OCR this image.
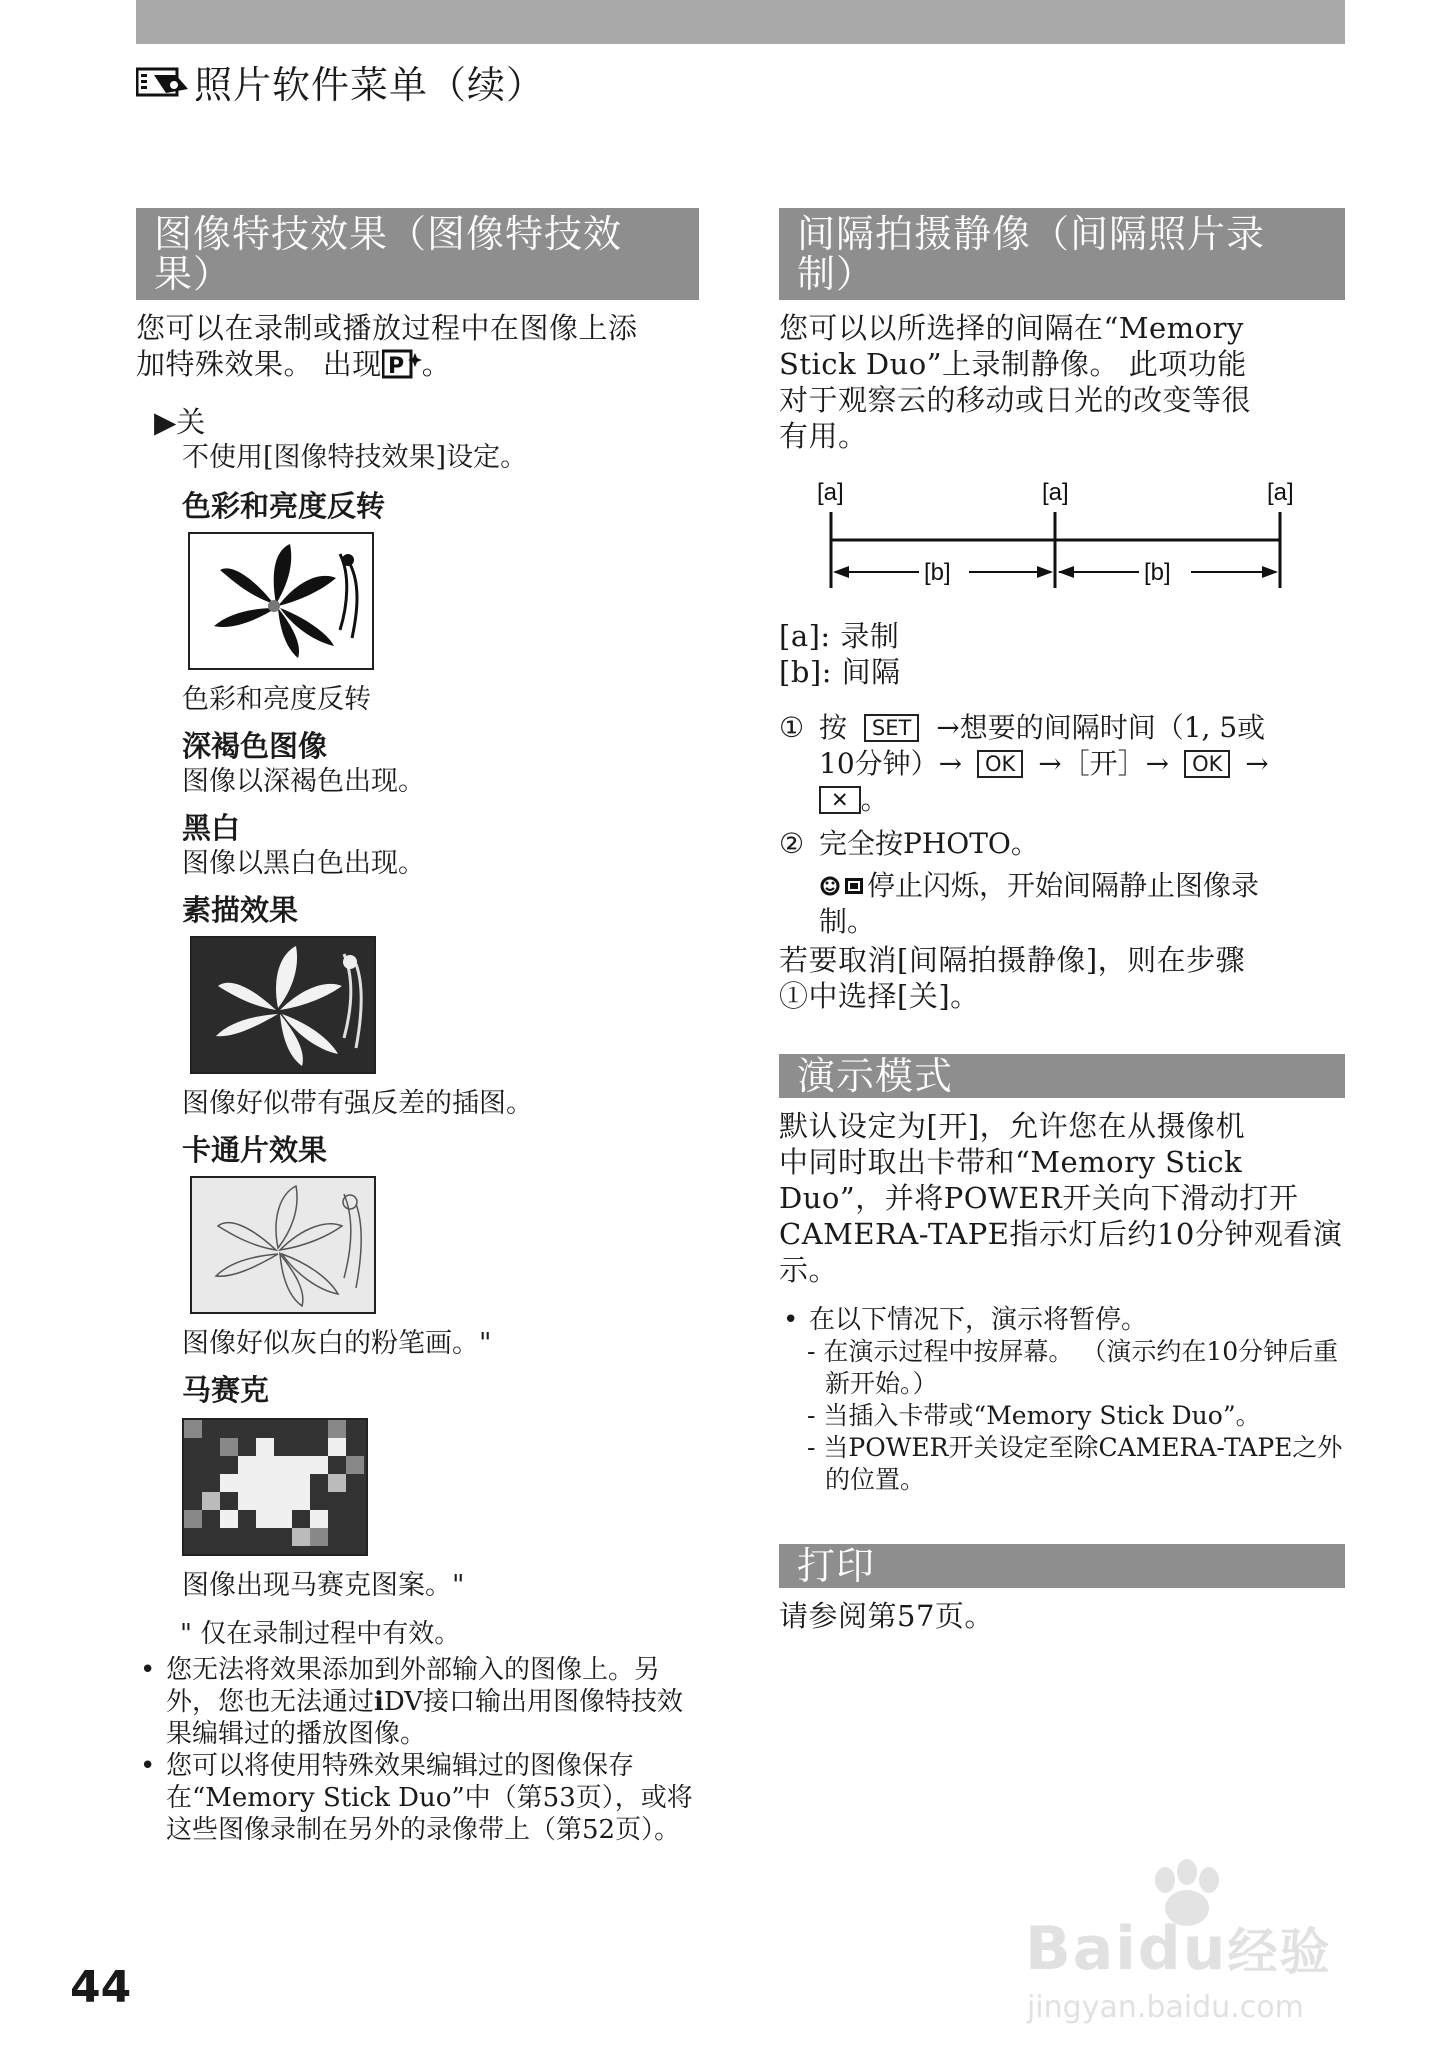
照片软件菜单（续）
图像特技效果（图像特技效
果）
您可以在录制或播放过程中在图像上添
加特殊效果。 出现 P 。
▶关
不使用[图像特技效果]设定。
色彩和亮度反转
色彩和亮度反转
深褐色图像
图像以深褐色出现。
黑白
图像以黑白色出现。
素描效果
图像好似带有强反差的插图。
卡通片效果
图像好似灰白的粉笔画。"
马赛克
图像出现马赛克图案。"
" 仅在录制过程中有效。
• 您无法将效果添加到外部输入的图像上。另外，您也无法通过ℹDV接口输出用图像特技效果编辑过的播放图像。
• 您可以将使用特殊效果编辑过的图像保存在“Memory Stick Duo”中（第53页），或将这些图像录制在另外的录像带上（第52页）。
间隔拍摄静像（间隔照片录
制）
您可以以所选择的间隔在“Memory
Stick Duo”上录制静像。 此项功能
对于观察云的移动或日光的改变等很
有用。
[a]	[a]	[a]
[b]	[b]
[a]: 录制
[b]: 间隔
① 按 SET →想要的间隔时间（1, 5或
10分钟）→ OK →［开］→ OK →
✕ 。
② 完全按PHOTO。
停止闪烁，开始间隔静止图像录
制。
若要取消[间隔拍摄静像]，则在步骤
①中选择[关]。
演示模式
默认设定为[开]，允许您在从摄像机
中同时取出卡带和“Memory Stick
Duo”，并将POWER开关向下滑动打开
CAMERA-TAPE指示灯后约10分钟观看演
示。
• 在以下情况下，演示将暂停。
- 在演示过程中按屏幕。 （演示约在10分钟后重新开始。）
- 当插入卡带或“Memory Stick Duo”。
- 当POWER开关设定至除CAMERA-TAPE之外的位置。
打印
请参阅第57页。
44
Baidu经验
jingyan.baidu.com
